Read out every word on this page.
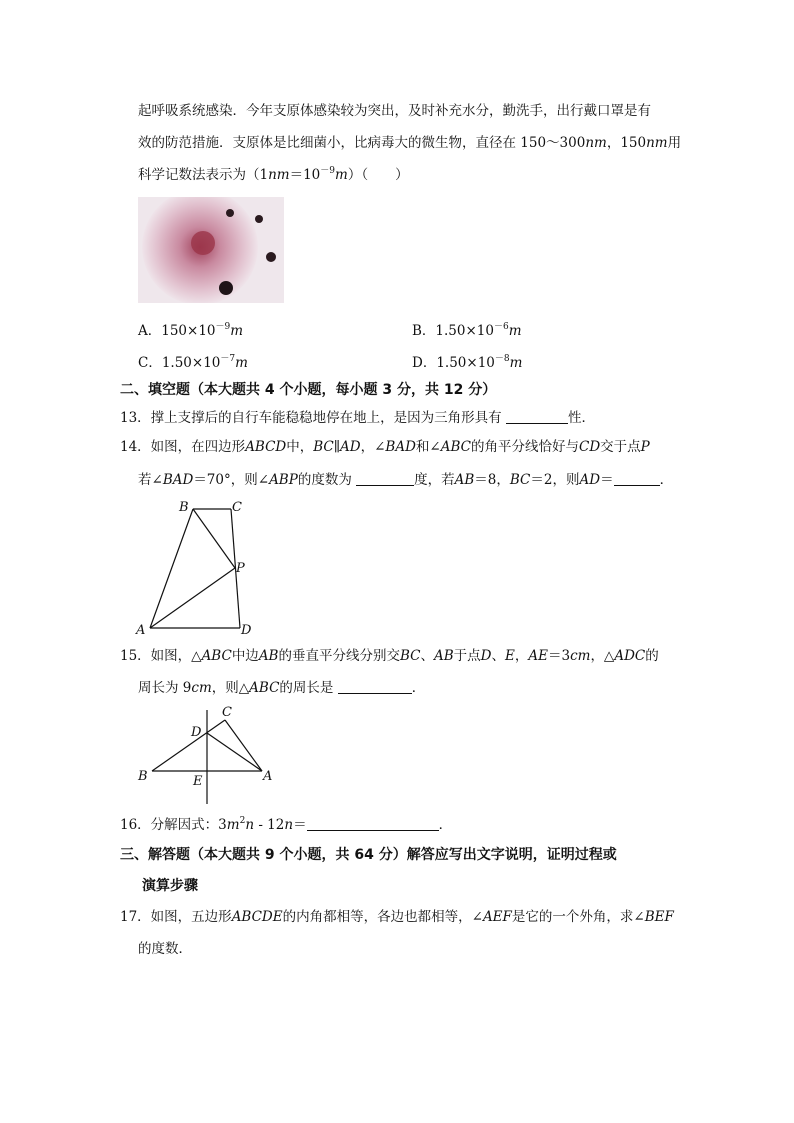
起呼吸系统感染．今年支原体感染较为突出，及时补充水分，勤洗手，出行戴口罩是有
效的防范措施．支原体是比细菌小，比病毒大的微生物，直径在 150～300nm，150nm用
科学记数法表示为$(1nm=10^{-9}m)$（　　）
A．$150\times 10^{-9}m$	B．$1.50\times 10^{-6}m$
C．$1.50\times 10^{-7}m$	D．$1.50\times 10^{-8}m$
二、填空题（本大题共 4 个小题，每小题 3 分，共 12 分）
13．撑上支撑后的自行车能稳稳地停在地上，是因为三角形具有	性．
14．如图，在四边形ABCD中，BC∥AD，∠BAD和∠ABC的角平分线恰好与CD交于点P
若∠BAD＝70°，则∠ABP的度数为	度，若AB＝8，BC＝2，则AD＝	．
B	C
P
A	D
15．如图，△ABC中边AB的垂直平分线分别交BC、AB于点D、E，AE＝3cm，△ADC的
周长为 9cm，则△ABC的周长是	．
C
D
B	E	A
16．分解因式：$3m^2n - 12n=$	．
三、解答题（本大题共 9 个小题，共 64 分）解答应写出文字说明，证明过程或
演算步骤
17．如图，五边形ABCDE的内角都相等，各边也都相等，∠AEF是它的一个外角，求∠BEF
的度数．
